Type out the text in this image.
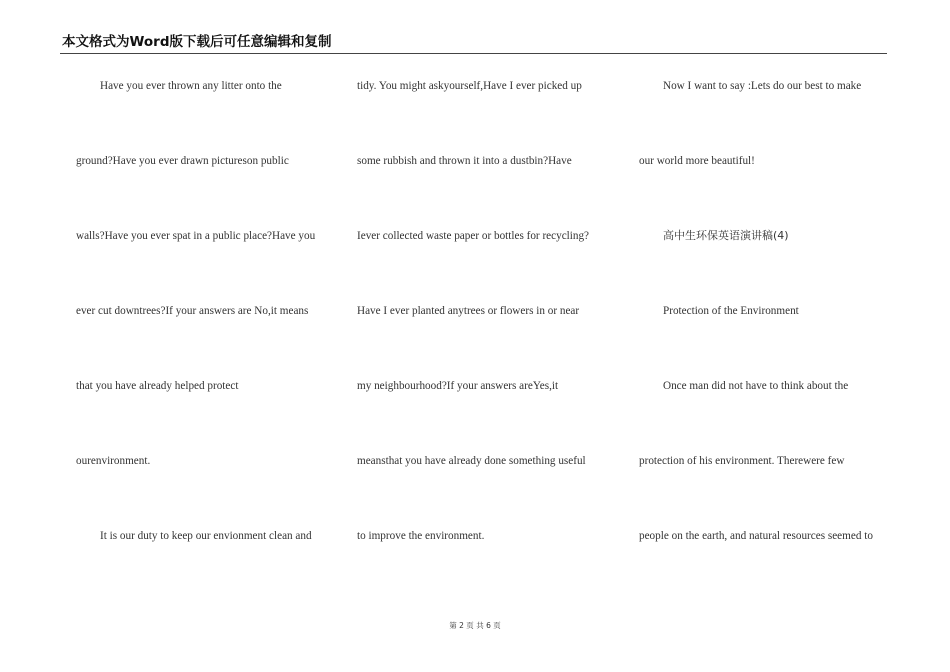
本文格式为Word版下载后可任意编辑和复制
Have you ever thrown any litter onto the
ground?Have you ever drawn pictureson public
walls?Have you ever spat in a public place?Have you
ever cut downtrees?If your answers are No,it means
that you have already helped protect
ourenvironment.
It is our duty to keep our envionment clean and
tidy. You might askyourself,Have I ever picked up
some rubbish and thrown it into a dustbin?Have
Iever collected waste paper or bottles for recycling?
Have I ever planted anytrees or flowers in or near
my neighbourhood?If your answers areYes,it
meansthat you have already done something useful
to improve the environment.
Now I want to say :Lets do our best to make
our world more beautiful!
高中生环保英语演讲稿(4)
Protection of the Environment
Once man did not have to think about the
protection of his environment. Therewere few
people on the earth, and natural resources seemed to
第 2 页 共 6 页
